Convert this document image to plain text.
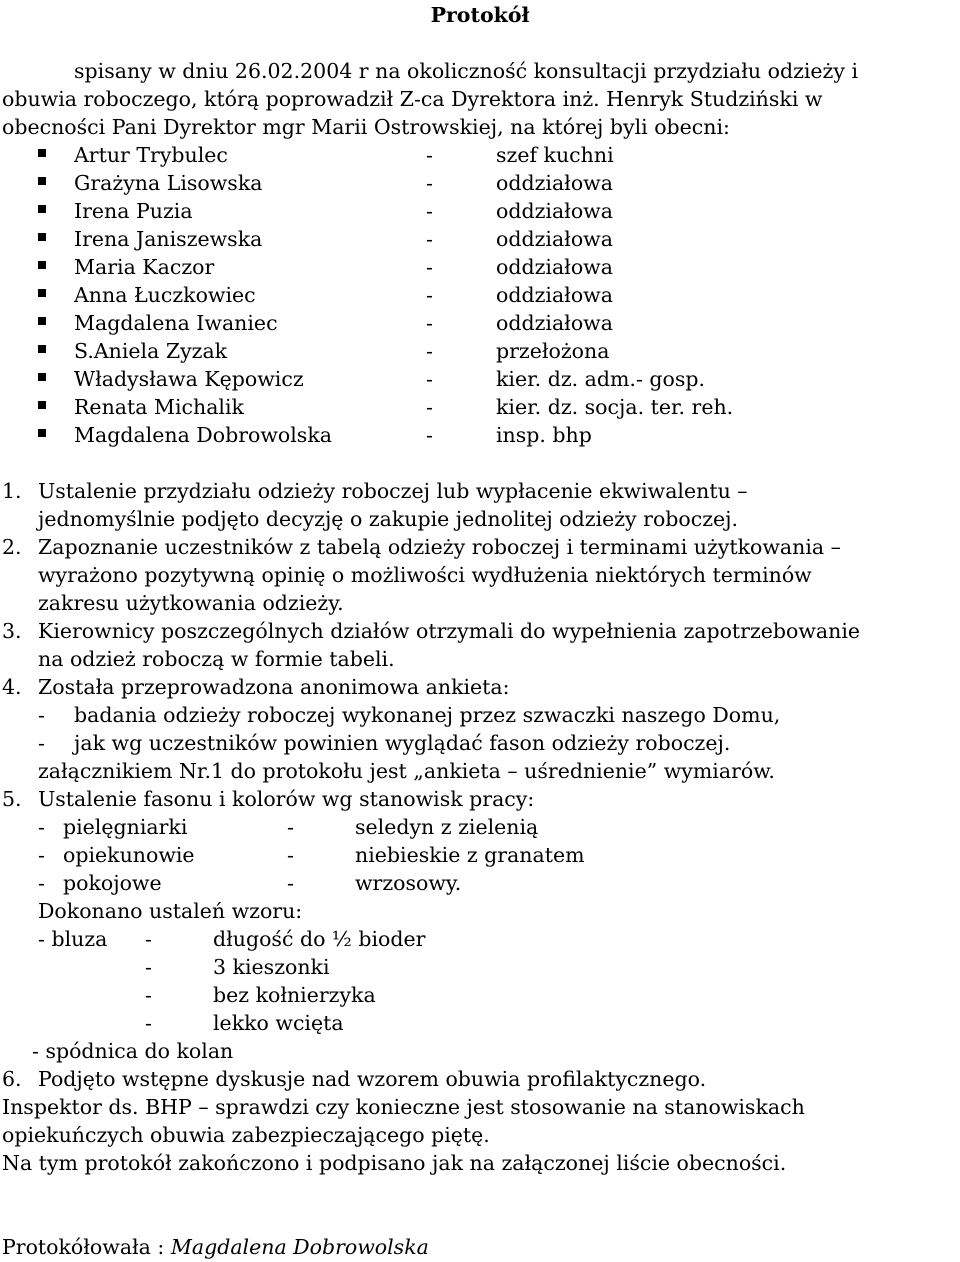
Protokół
spisany w dniu 26.02.2004 r na okoliczność konsultacji przydziału odzieży i
obuwia roboczego, którą poprowadził Z-ca Dyrektora inż. Henryk Studziński w
obecności Pani Dyrektor mgr Marii Ostrowskiej, na której byli obecni:
Artur Trybulec	-	szef kuchni
Grażyna Lisowska	-	oddziałowa
Irena Puzia	-	oddziałowa
Irena Janiszewska	-	oddziałowa
Maria Kaczor	-	oddziałowa
Anna Łuczkowiec	-	oddziałowa
Magdalena Iwaniec	-	oddziałowa
S.Aniela Zyzak	-	przełożona
Władysława Kępowicz	-	kier. dz. adm.- gosp.
Renata Michalik	-	kier. dz. socja. ter. reh.
Magdalena Dobrowolska	-	insp. bhp
1. Ustalenie przydziału odzieży roboczej lub wypłacenie ekwiwalentu –
jednomyślnie podjęto decyzję o zakupie jednolitej odzieży roboczej.
2. Zapoznanie uczestników z tabelą odzieży roboczej i terminami użytkowania –
wyrażono pozytywną opinię o możliwości wydłużenia niektórych terminów
zakresu użytkowania odzieży.
3. Kierownicy poszczególnych działów otrzymali do wypełnienia zapotrzebowanie
na odzież roboczą w formie tabeli.
4. Została przeprowadzona anonimowa ankieta:
- badania odzieży roboczej wykonanej przez szwaczki naszego Domu,
- jak wg uczestników powinien wyglądać fason odzieży roboczej.
załącznikiem Nr.1 do protokołu jest „ankieta – uśrednienie” wymiarów.
5. Ustalenie fasonu i kolorów wg stanowisk pracy:
- pielęgniarki	-	seledyn z zielenią
- opiekunowie	-	niebieskie z granatem
- pokojowe	-	wrzosowy.
Dokonano ustaleń wzoru:
- bluza -	długość do ½ bioder
-	3 kieszonki
-	bez kołnierzyka
-	lekko wcięta
- spódnica do kolan
6. Podjęto wstępne dyskusje nad wzorem obuwia profilaktycznego.
Inspektor ds. BHP – sprawdzi czy konieczne jest stosowanie na stanowiskach
opiekuńczych obuwia zabezpieczającego piętę.
Na tym protokół zakończono i podpisano jak na załączonej liście obecności.
Protokółowała : Magdalena Dobrowolska
